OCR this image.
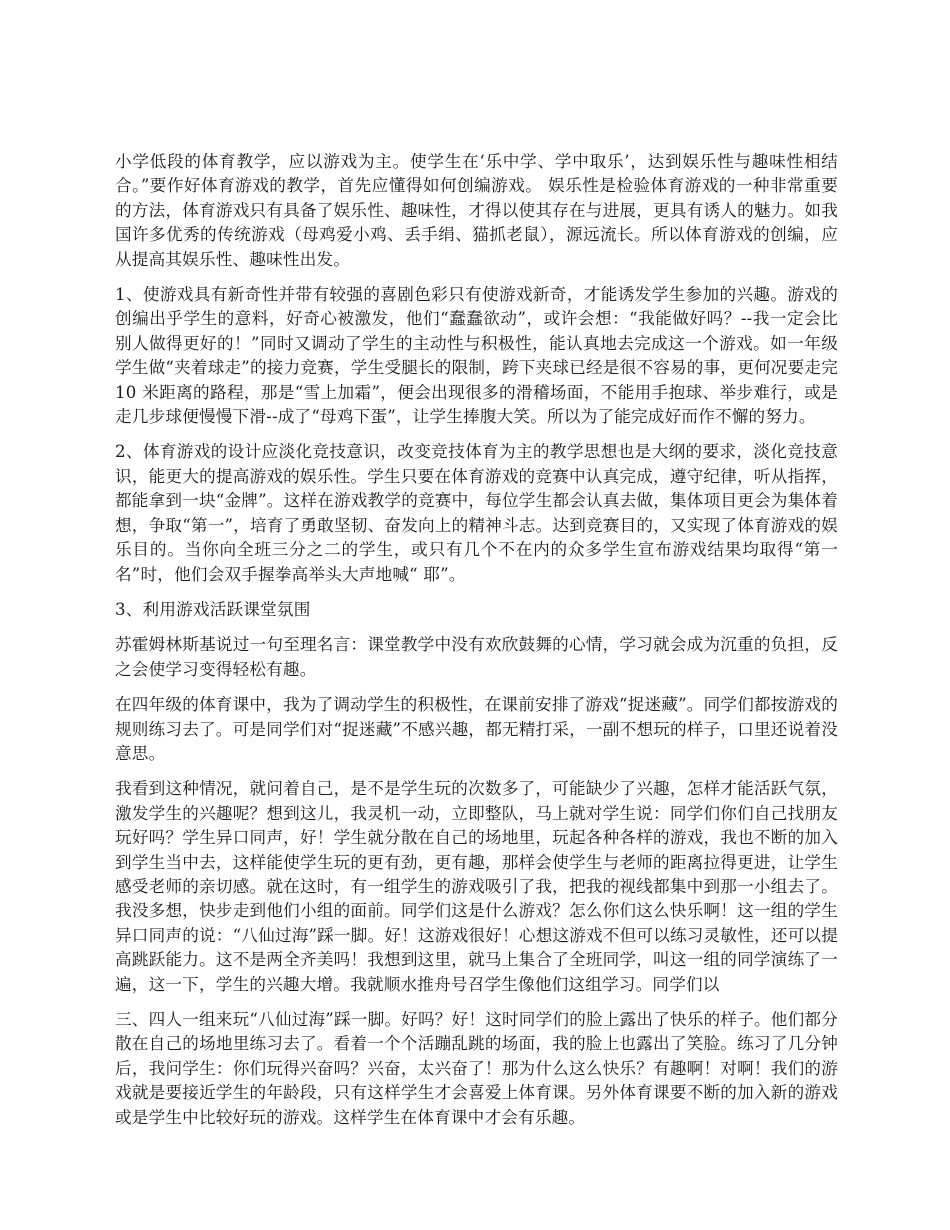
小学低段的体育教学，应以游戏为主。使学生在‘乐中学、学中取乐’，达到娱乐性与趣味性相结合。”要作好体育游戏的教学，首先应懂得如何创编游戏。 娱乐性是检验体育游戏的一种非常重要的方法，体育游戏只有具备了娱乐性、趣味性，才得以使其存在与进展，更具有诱人的魅力。如我国许多优秀的传统游戏（母鸡爱小鸡、丢手绢、猫抓老鼠），源远流长。所以体育游戏的创编，应从提高其娱乐性、趣味性出发。

1、使游戏具有新奇性并带有较强的喜剧色彩只有使游戏新奇，才能诱发学生参加的兴趣。游戏的创编出乎学生的意料，好奇心被激发，他们“蠢蠢欲动”，或许会想：“我能做好吗？--我一定会比别人做得更好的！”同时又调动了学生的主动性与积极性，能认真地去完成这一个游戏。如一年级学生做“夹着球走”的接力竞赛，学生受腿长的限制，跨下夹球已经是很不容易的事，更何况要走完 10 米距离的路程，那是“雪上加霜”，便会出现很多的滑稽场面，不能用手抱球、举步难行，或是走几步球便慢慢下滑--成了“母鸡下蛋”，让学生捧腹大笑。所以为了能完成好而作不懈的努力。

2、体育游戏的设计应淡化竞技意识，改变竞技体育为主的教学思想也是大纲的要求，淡化竞技意识，能更大的提高游戏的娱乐性。学生只要在体育游戏的竞赛中认真完成，遵守纪律，听从指挥，都能拿到一块“金牌”。这样在游戏教学的竞赛中，每位学生都会认真去做，集体项目更会为集体着想，争取“第一”，培育了勇敢坚韧、奋发向上的精神斗志。达到竞赛目的，又实现了体育游戏的娱乐目的。当你向全班三分之二的学生，或只有几个不在内的众多学生宣布游戏结果均取得“第一名”时，他们会双手握拳高举头大声地喊“ 耶”。

3、利用游戏活跃课堂氛围

苏霍姆林斯基说过一句至理名言：课堂教学中没有欢欣鼓舞的心情，学习就会成为沉重的负担，反之会使学习变得轻松有趣。

在四年级的体育课中，我为了调动学生的积极性，在课前安排了游戏“捉迷藏”。同学们都按游戏的规则练习去了。可是同学们对“捉迷藏”不感兴趣，都无精打采，一副不想玩的样子，口里还说着没意思。

我看到这种情况，就问着自己，是不是学生玩的次数多了，可能缺少了兴趣，怎样才能活跃气氛，激发学生的兴趣呢？想到这儿，我灵机一动，立即整队，马上就对学生说：同学们你们自己找朋友玩好吗？学生异口同声，好！学生就分散在自己的场地里，玩起各种各样的游戏，我也不断的加入到学生当中去，这样能使学生玩的更有劲，更有趣，那样会使学生与老师的距离拉得更进，让学生感受老师的亲切感。就在这时，有一组学生的游戏吸引了我，把我的视线都集中到那一小组去了。我没多想，快步走到他们小组的面前。同学们这是什么游戏？怎么你们这么快乐啊！这一组的学生异口同声的说：“八仙过海”踩一脚。好！这游戏很好！心想这游戏不但可以练习灵敏性，还可以提高跳跃能力。这不是两全齐美吗！我想到这里，就马上集合了全班同学，叫这一组的同学演练了一遍，这一下，学生的兴趣大增。我就顺水推舟号召学生像他们这组学习。同学们以

三、四人一组来玩“八仙过海”踩一脚。好吗？好！这时同学们的脸上露出了快乐的样子。他们都分散在自己的场地里练习去了。看着一个个活蹦乱跳的场面，我的脸上也露出了笑脸。练习了几分钟后，我问学生：你们玩得兴奋吗？兴奋，太兴奋了！那为什么这么快乐？有趣啊！对啊！我们的游戏就是要接近学生的年龄段，只有这样学生才会喜爱上体育课。另外体育课要不断的加入新的游戏或是学生中比较好玩的游戏。这样学生在体育课中才会有乐趣。
